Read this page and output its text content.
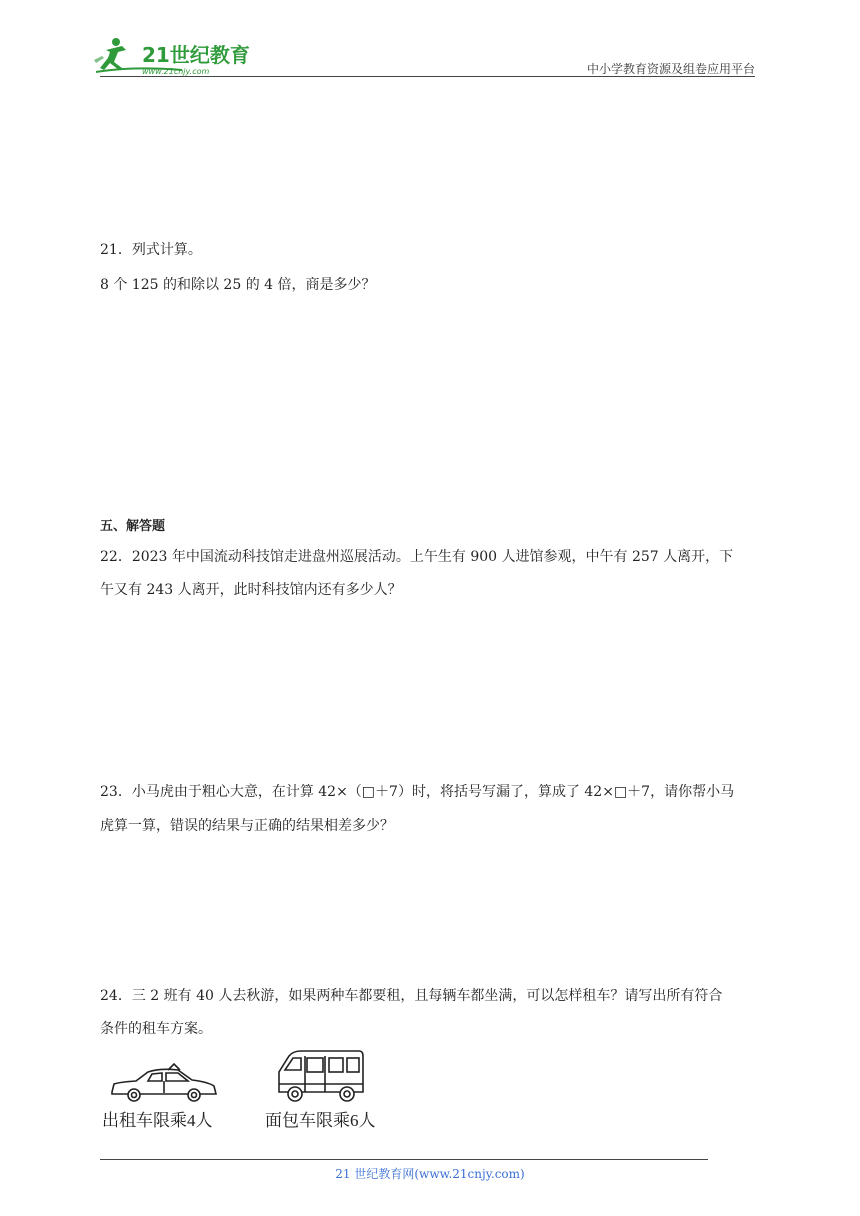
21世纪教育
www.21cnjy.com	中小学教育资源及组卷应用平台
21．列式计算。
8 个 125 的和除以 25 的 4 倍，商是多少？
五、解答题
22．2023 年中国流动科技馆走进盘州巡展活动。上午生有 900 人进馆参观，中午有 257 人离开，下
午又有 243 人离开，此时科技馆内还有多少人？
23．小马虎由于粗心大意，在计算 42×（□＋7）时，将括号写漏了，算成了 42×□＋7，请你帮小马
虎算一算，错误的结果与正确的结果相差多少？
24．三 2 班有 40 人去秋游，如果两种车都要租，且每辆车都坐满，可以怎样租车？请写出所有符合
条件的租车方案。
出租车限乘4人	面包车限乘6人
21 世纪教育网(www.21cnjy.com)
